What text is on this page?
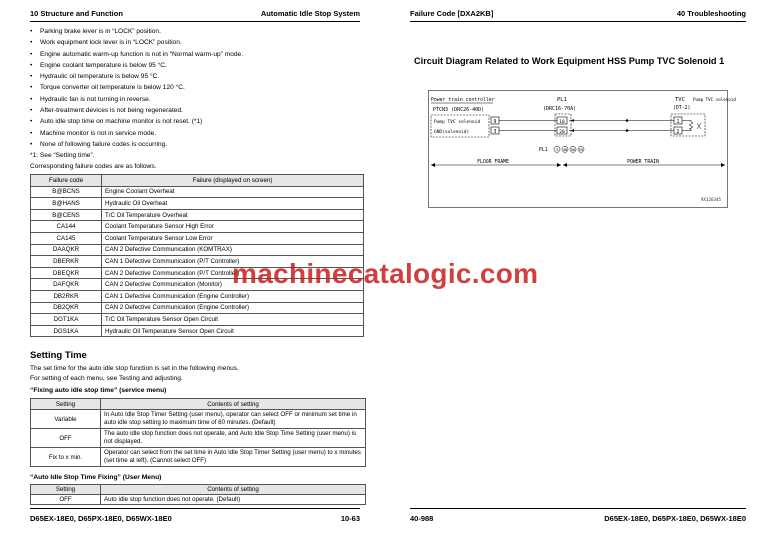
10 Structure and Function	Automatic Idle Stop System
• Parking brake lever is in “LOCK” position.
• Work equipment lock lever is in “LOCK” position.
• Engine automatic warm-up function is not in “Normal warm-up” mode.
• Engine coolant temperature is below 95 °C.
• Hydraulic oil temperature is below 95 °C.
• Torque converter oil temperature is below 120 °C.
• Hydraulic fan is not turning in reverse.
• After-treatment devices is not being regenerated.
• Auto idle stop time on machine monitor is not reset. (*1)
• Machine monitor is not in service mode.
• None of following failure codes is occurring.
*1: See “Setting time”.
Corresponding failure codes are as follows.
Failure code	Failure (displayed on screen)
B@BCNS	Engine Coolant Overheat
B@HANS	Hydraulic Oil Overheat
B@CENS	T/C Oil Temperature Overheat
CA144	Coolant Temperature Sensor High Error
CA145	Coolant Temperature Sensor Low Error
DAAQKR	CAN 2 Defective Communication (KOMTRAX)
DBERKR	CAN 1 Defective Communication (P/T Controller)
DBEQKR	CAN 2 Defective Communication (P/T Controller)
DAFQKR	CAN 2 Defective Communication (Monitor)
DB2RKR	CAN 1 Defective Communication (Engine Controller)
DB2QKR	CAN 2 Defective Communication (Engine Controller)
DGT1KA	T/C Oil Temperature Sensor Open Circuit
DGS1KA	Hydraulic Oil Temperature Sensor Open Circuit
Setting Time
The set time for the auto idle stop function is set in the following menus.
For setting of each menu, see Testing and adjusting.
“Fixing auto idle stop time” (service menu)
Setting	Contents of setting
Variable	In Auto Idle Stop Timer Setting (user menu), operator can select OFF or minimum set time in auto idle stop setting to maximum time of 60 minutes. (Default)
OFF	The auto idle stop function does not operate, and Auto Idle Stop Time Setting (user menu) is not displayed.
Fix to x min.	Operator can select from the set time in Auto Idle Stop Timer Setting (user menu) to x minutes (set time at left). (Cannot select OFF)
“Auto Idle Stop Time Fixing” (User Menu)
Setting	Contents of setting
OFF	Auto idle stop function does not operate. (Default)
D65EX-18E0, D65PX-18E0, D65WX-18E0	10-63
Failure Code [DXA2KB]	40 Troubleshooting
Circuit Diagram Related to Work Equipment HSS Pump TVC Solenoid 1
Power train controller
PTCN3 (DRC26-40D)
Pump TVC solenoid
GND(solenoid)
9
3
PL1
(DRC16-70A)
10
20
TVC
(DT-2)
Pump TVC solenoid
1
2
PL1 3 48 56 59
FLOOR FRAME	POWER TRAIN
9X326345
40-988	D65EX-18E0, D65PX-18E0, D65WX-18E0
machinecatalogic.com
